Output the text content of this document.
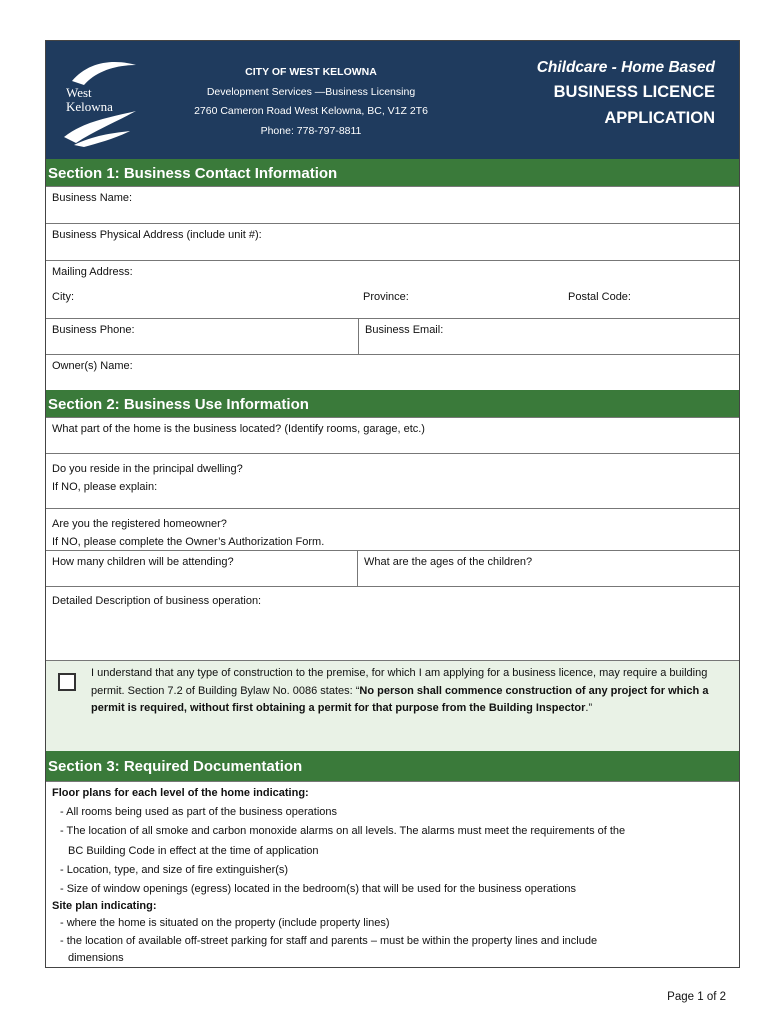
West
Kelowna
CITY OF WEST KELOWNA
Development Services —Business Licensing
2760 Cameron Road West Kelowna, BC, V1Z 2T6
Phone: 778-797-8811
Childcare - Home Based
BUSINESS LICENCE
APPLICATION
Section 1: Business Contact Information
Business Name:
Business Physical Address (include unit #):
Mailing Address:
City:	Province:	Postal Code:
Business Phone:	Business Email:
Owner(s) Name:
Section 2: Business Use Information
What part of the home is the business located? (Identify rooms, garage, etc.)
Do you reside in the principal dwelling?
If NO, please explain:
Are you the registered homeowner?
If NO, please complete the Owner’s Authorization Form.
How many children will be attending?	What are the ages of the children?
Detailed Description of business operation:
I understand that any type of construction to the premise, for which I am applying for a business licence, may require a building permit. Section 7.2 of Building Bylaw No. 0086 states: “No person shall commence construction of any project for which a permit is required, without first obtaining a permit for that purpose from the Building Inspector.”
Section 3: Required Documentation
Floor plans for each level of the home indicating:
- All rooms being used as part of the business operations
- The location of all smoke and carbon monoxide alarms on all levels. The alarms must meet the requirements of the
BC Building Code in effect at the time of application
- Location, type, and size of fire extinguisher(s)
- Size of window openings (egress) located in the bedroom(s) that will be used for the business operations
Site plan indicating:
- where the home is situated on the property (include property lines)
- the location of available off-street parking for staff and parents – must be within the property lines and include
dimensions
Page 1 of 2
